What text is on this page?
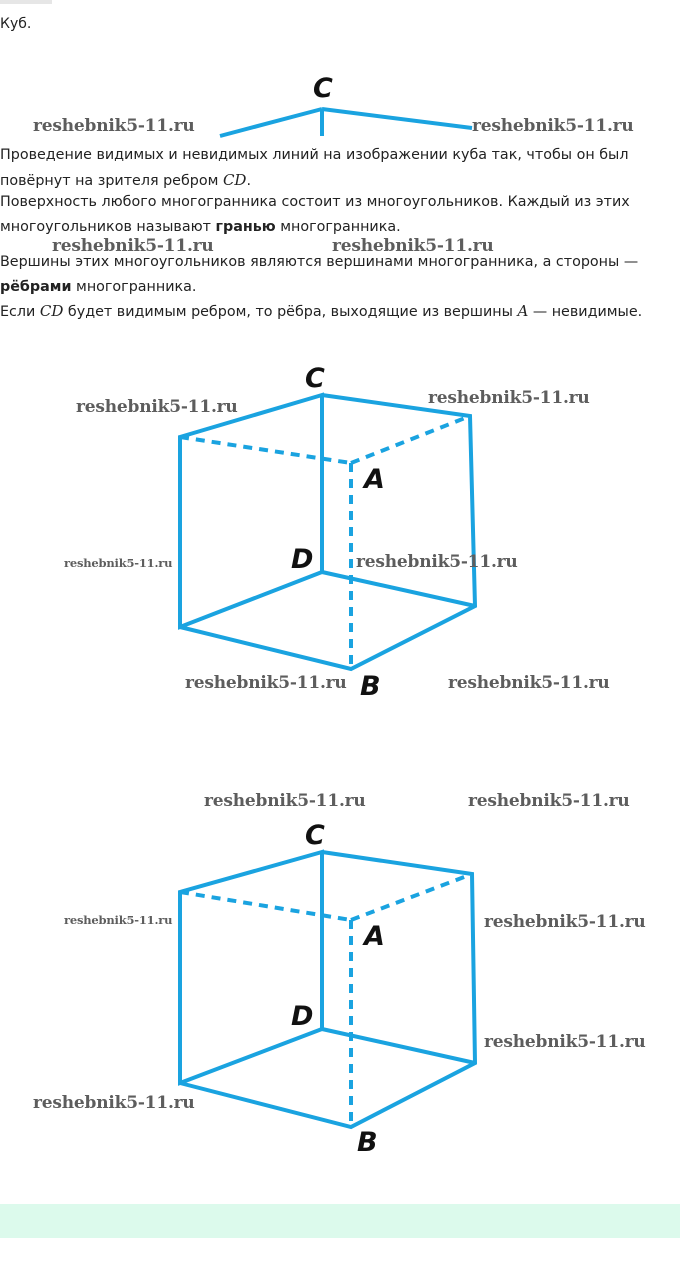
Куб.
C
reshebnik5-11.ru	reshebnik5-11.ru

Проведение видимых и невидимых линий на изображении куба так, чтобы он был повёрнут на зрителя ребром CD.

Поверхность любого многогранника состоит из многоугольников. Каждый из этих многоугольников называют гранью многогранника.

reshebnik5-11.ru	reshebnik5-11.ru

Вершины этих многоугольников являются вершинами многогранника, а стороны — рёбрами многогранника.

Если CD будет видимым ребром, то рёбра, выходящие из вершины A — невидимые.

C
A
D
B
reshebnik5-11.ru	reshebnik5-11.ru
reshebnik5-11.ru	reshebnik5-11.ru
reshebnik5-11.ru	reshebnik5-11.ru
C
A
D
B
reshebnik5-11.ru	reshebnik5-11.ru
reshebnik5-11.ru	reshebnik5-11.ru
reshebnik5-11.ru
reshebnik5-11.ru
